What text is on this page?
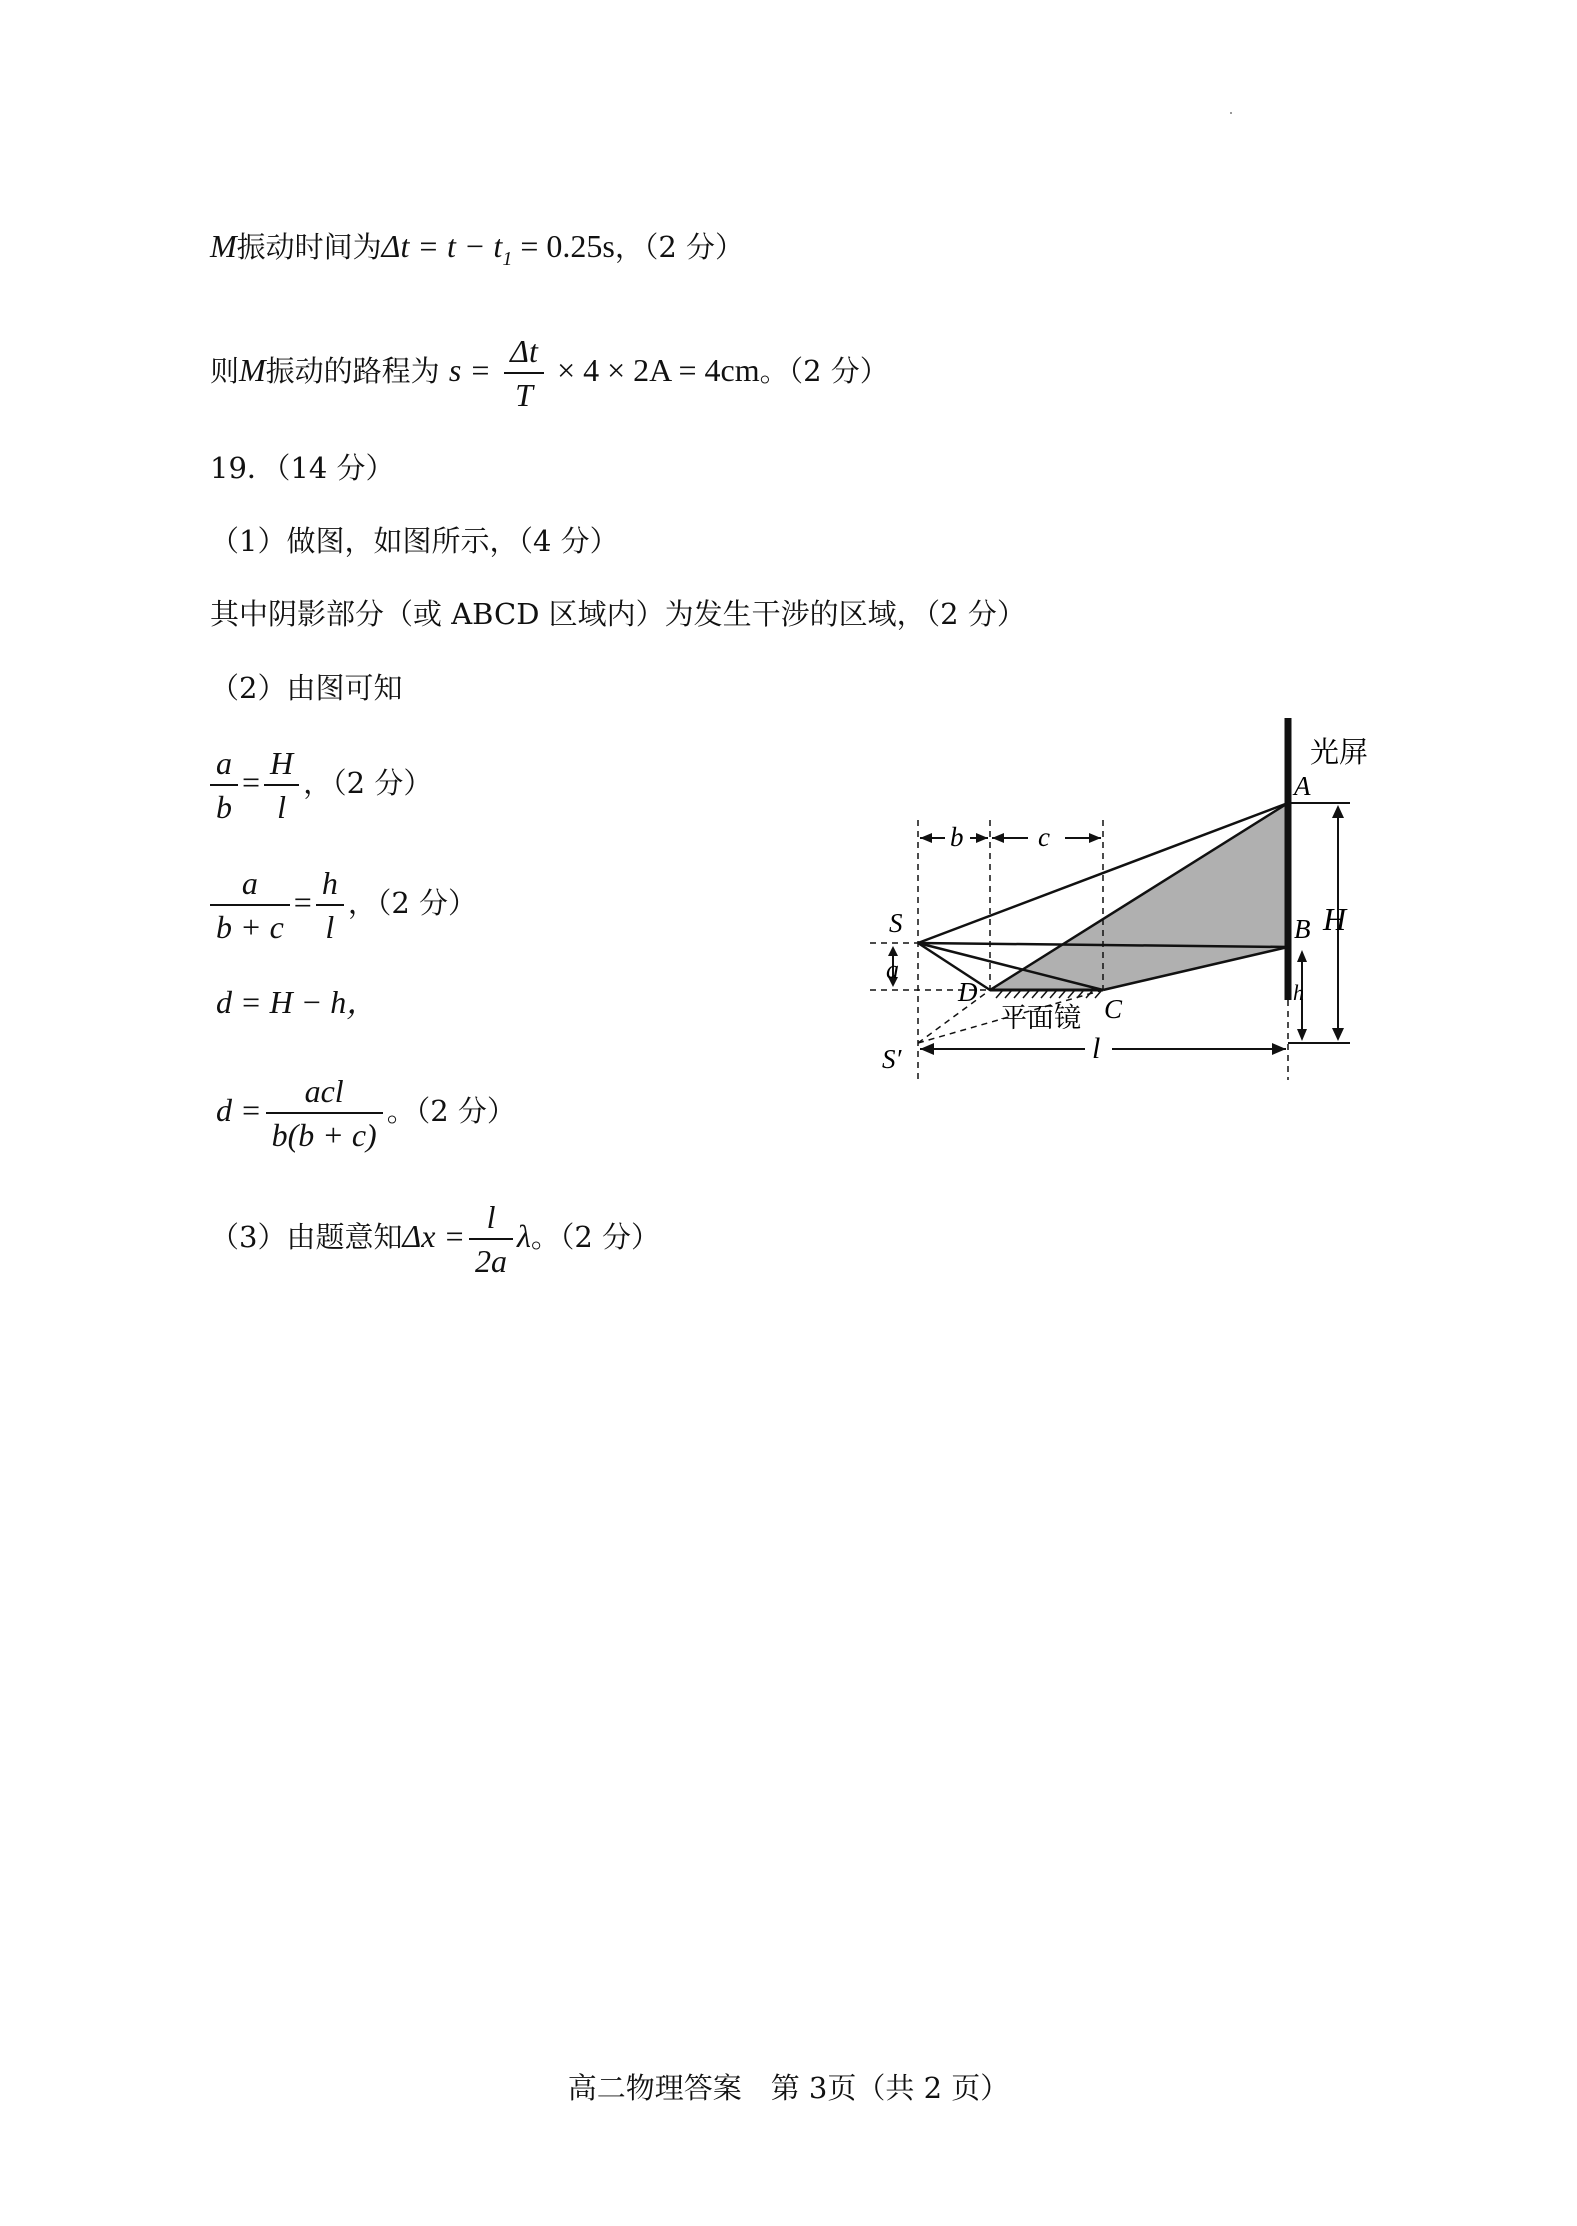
M振动时间为$\Delta t = t - t_1 = 0.25s$，（2 分）
则M振动的路程为 $s = \frac{\Delta t}{T} \times 4 \times 2A = 4cm$。（2 分）
19．（14 分）
（1）做图，如图所示，（4 分）
其中阴影部分（或 ABCD 区域内）为发生干涉的区域，（2 分）
（2）由图可知
$\frac{a}{b} = \frac{H}{l}$ ，（2 分）
$\frac{a}{b + c} = \frac{h}{l}$ ，（2 分）
d = H − h，
$d = \frac{\text{acl}}{b(b + c)}$ 。（2 分）
（3）由题意知$\Delta x = \frac{l}{2a}$ λ。（2 分）
光屏
A
B
C
D
S
S′
H
h
a
b	c
l
平面镜
高二物理答案　第 3页（共 2 页）
